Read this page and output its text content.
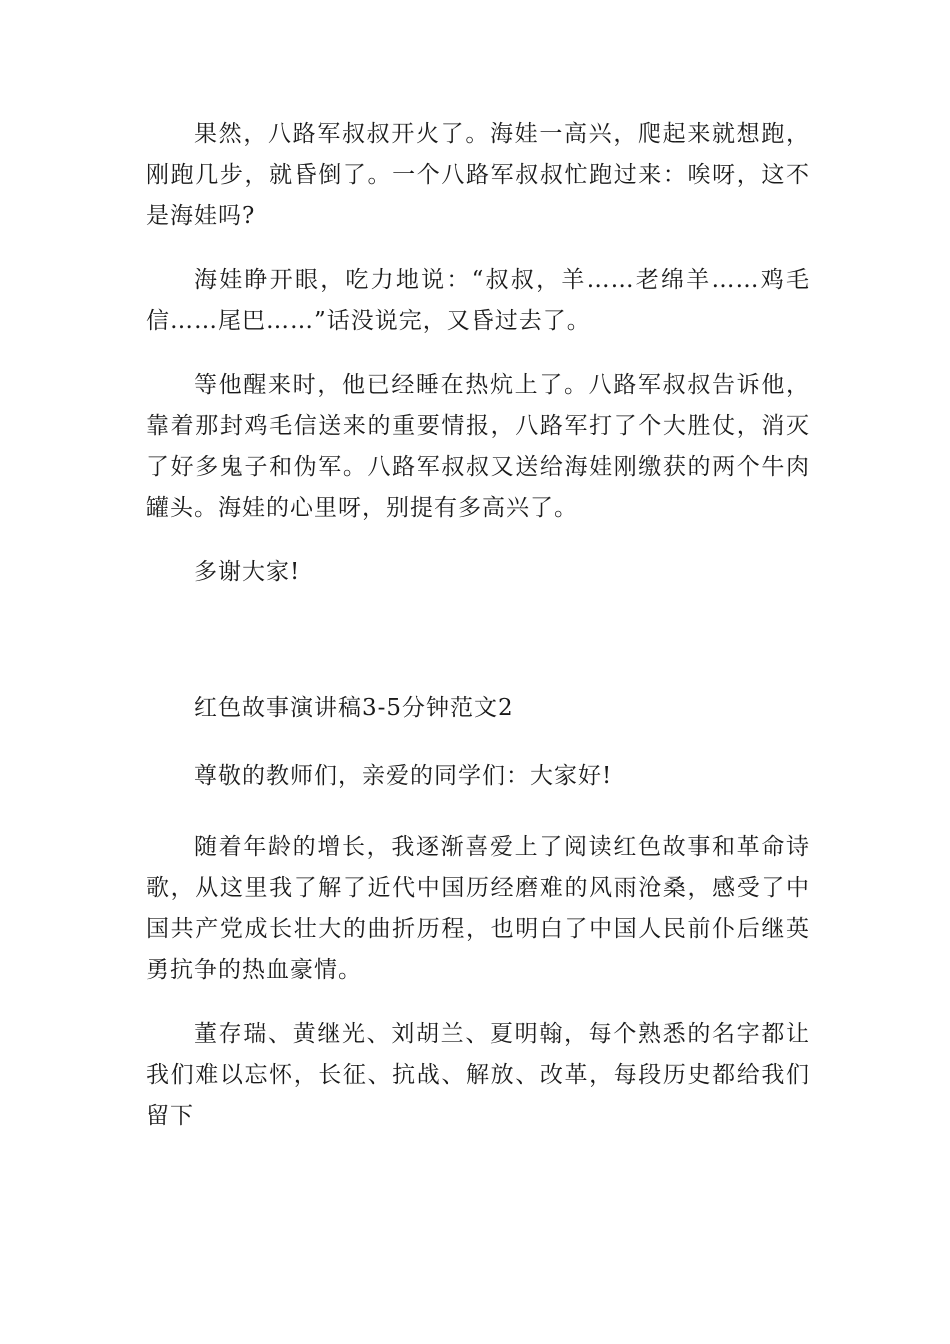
果然，八路军叔叔开火了。海娃一高兴，爬起来就想跑，刚跑几步，就昏倒了。一个八路军叔叔忙跑过来：唉呀，这不是海娃吗?

海娃睁开眼，吃力地说：“叔叔，羊……老绵羊……鸡毛信……尾巴……”话没说完，又昏过去了。

等他醒来时，他已经睡在热炕上了。八路军叔叔告诉他，靠着那封鸡毛信送来的重要情报，八路军打了个大胜仗，消灭了好多鬼子和伪军。八路军叔叔又送给海娃刚缴获的两个牛肉罐头。海娃的心里呀，别提有多高兴了。

多谢大家!

红色故事演讲稿3-5分钟范文2

尊敬的教师们，亲爱的同学们：大家好!

随着年龄的增长，我逐渐喜爱上了阅读红色故事和革命诗歌，从这里我了解了近代中国历经磨难的风雨沧桑，感受了中国共产党成长壮大的曲折历程，也明白了中国人民前仆后继英勇抗争的热血豪情。

董存瑞、黄继光、刘胡兰、夏明翰，每个熟悉的名字都让我们难以忘怀，长征、抗战、解放、改革，每段历史都给我们留下
